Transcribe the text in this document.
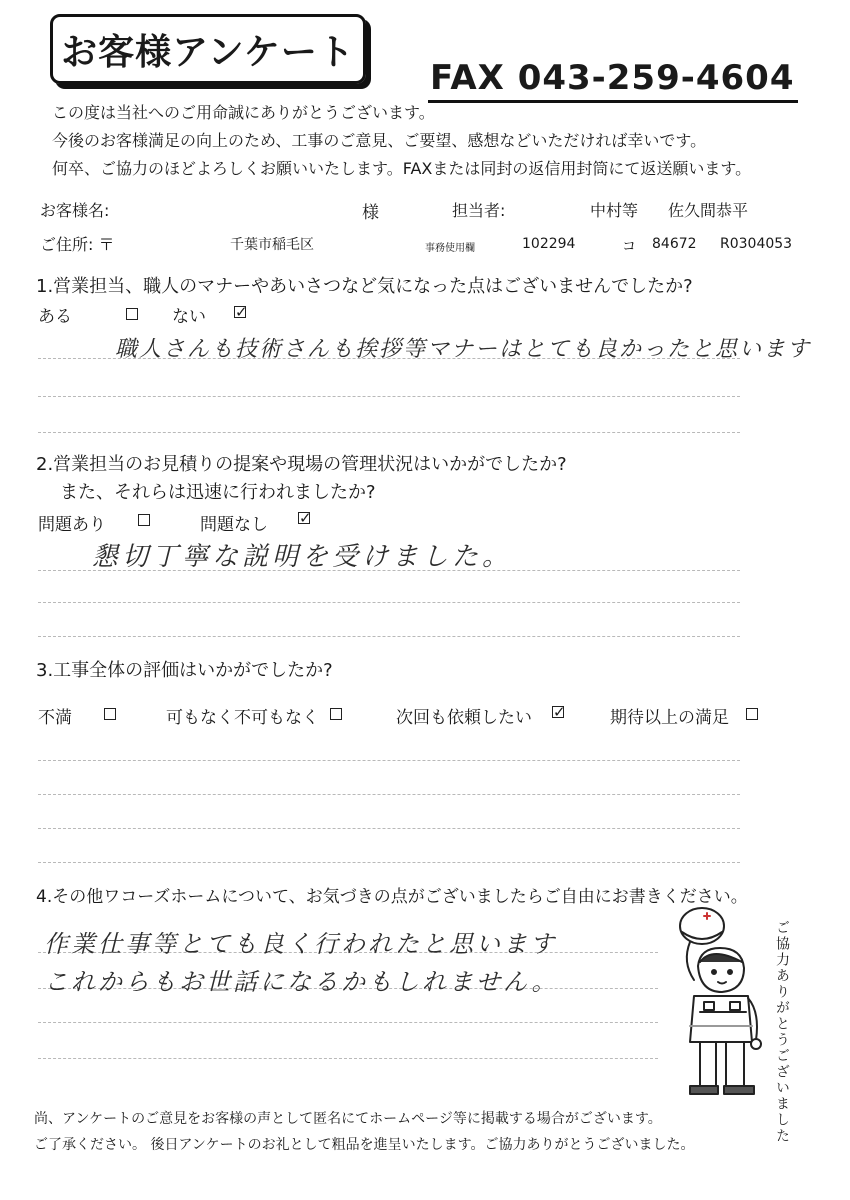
お客様アンケート
FAX 043-259-4604
この度は当社へのご用命誠にありがとうございます。
今後のお客様満足の向上のため、工事のご意見、ご要望、感想などいただければ幸いです。
何卒、ご協力のほどよろしくお願いいたします。FAXまたは同封の返信用封筒にて返送願います。
お客様名:	様	担当者:	中村等 佐久間恭平
ご住所: 〒	千葉市稲毛区	事務使用欄	102294	コ 84672 R0304053
1.営業担当、職人のマナーやあいさつなど気になった点はございませんでしたか?
ある	ない ✓
職人さんも技術さんも挨拶等マナーはとても良かったと思います
2.営業担当のお見積りの提案や現場の管理状況はいかがでしたか?
また、それらは迅速に行われましたか?
問題あり	問題なし ✓
懇切丁寧な説明を受けました。
3.工事全体の評価はいかがでしたか?
不満	可もなく不可もなく	次回も依頼したい ✓	期待以上の満足
4.その他ワコーズホームについて、お気づきの点がございましたらご自由にお書きください。
作業仕事等とても良く行われたと思います
これからもお世話になるかもしれません。	ご協力ありがとうございました
尚、アンケートのご意見をお客様の声として匿名にてホームページ等に掲載する場合がございます。
ご了承ください。 後日アンケートのお礼として粗品を進呈いたします。ご協力ありがとうございました。
